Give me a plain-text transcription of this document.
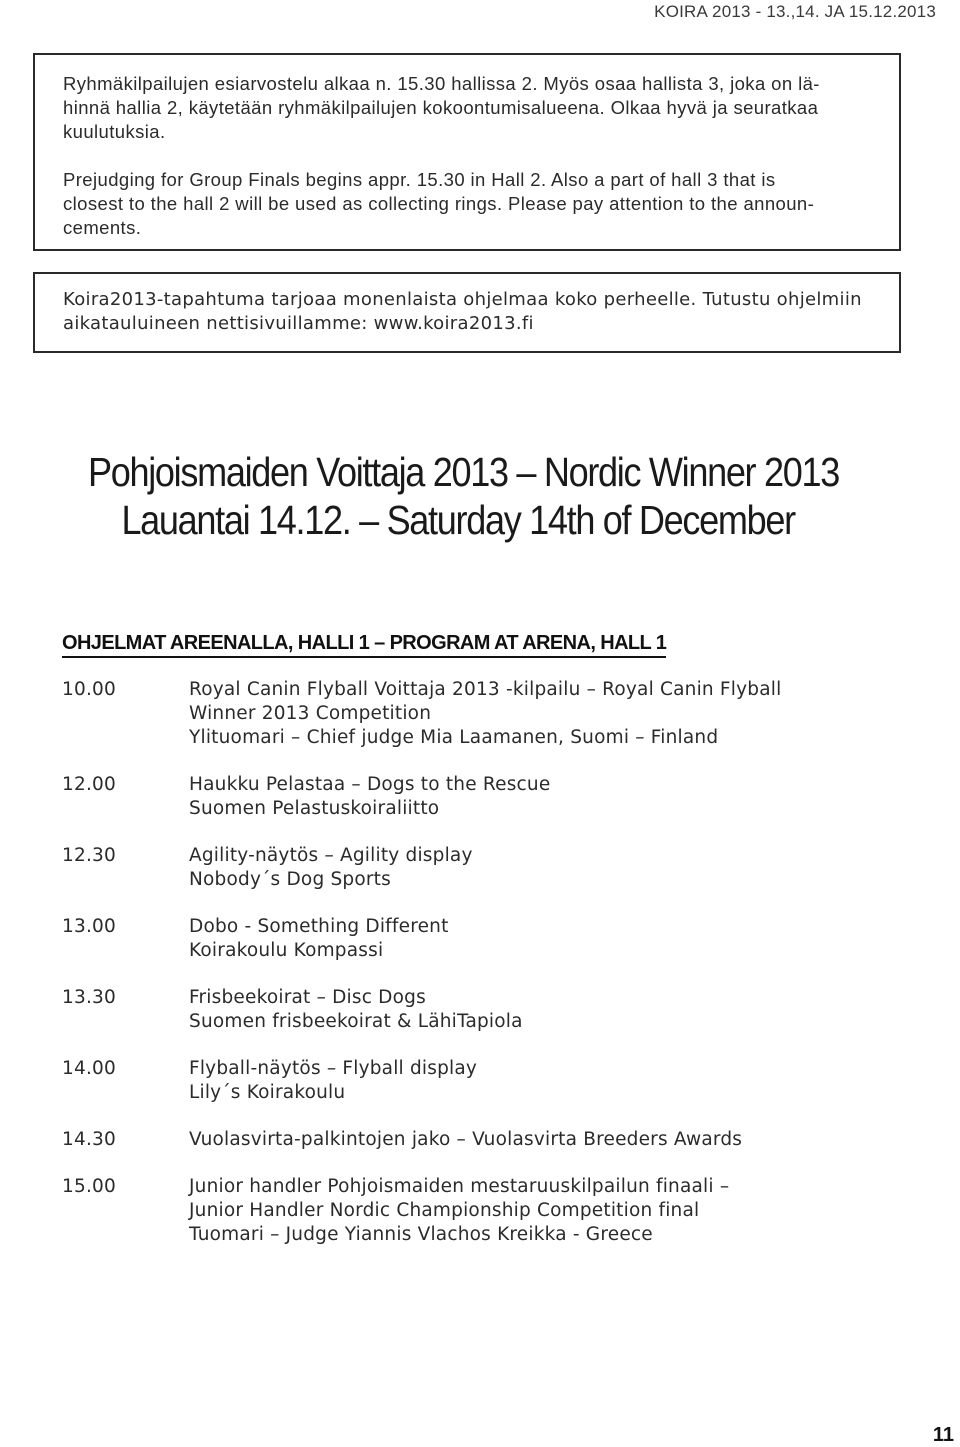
KOIRA 2013 - 13.,14. JA 15.12.2013

Ryhmäkilpailujen esiarvostelu alkaa n. 15.30 hallissa 2. Myös osaa hallista 3, joka on lä-
hinnä hallia 2, käytetään ryhmäkilpailujen kokoontumisalueena. Olkaa hyvä ja seuratkaa
kuulutuksia.

Prejudging for Group Finals begins appr. 15.30 in Hall 2. Also a part of hall 3 that is
closest to the hall 2 will be used as collecting rings. Please pay attention to the announ-
cements.

Koira2013-tapahtuma tarjoaa monenlaista ohjelmaa koko perheelle. Tutustu ohjelmiin
aikatauluineen nettisivuillamme: www.koira2013.fi

Pohjoismaiden Voittaja 2013 – Nordic Winner 2013
Lauantai 14.12. – Saturday 14th of December
OHJELMAT AREENALLA, HALLI 1 – PROGRAM AT ARENA, HALL 1
10.00	Royal Canin Flyball Voittaja 2013 -kilpailu – Royal Canin Flyball
Winner 2013 Competition
Ylituomari – Chief judge Mia Laamanen, Suomi – Finland
12.00	Haukku Pelastaa – Dogs to the Rescue
Suomen Pelastuskoiraliitto
12.30	Agility-näytös – Agility display
Nobody´s Dog Sports
13.00	Dobo - Something Different
Koirakoulu Kompassi
13.30	Frisbeekoirat – Disc Dogs
Suomen frisbeekoirat & LähiTapiola
14.00	Flyball-näytös – Flyball display
Lily´s Koirakoulu
14.30	Vuolasvirta-palkintojen jako – Vuolasvirta Breeders Awards
15.00	Junior handler Pohjoismaiden mestaruuskilpailun finaali –
Junior Handler Nordic Championship Competition final
Tuomari – Judge Yiannis Vlachos Kreikka - Greece
11
